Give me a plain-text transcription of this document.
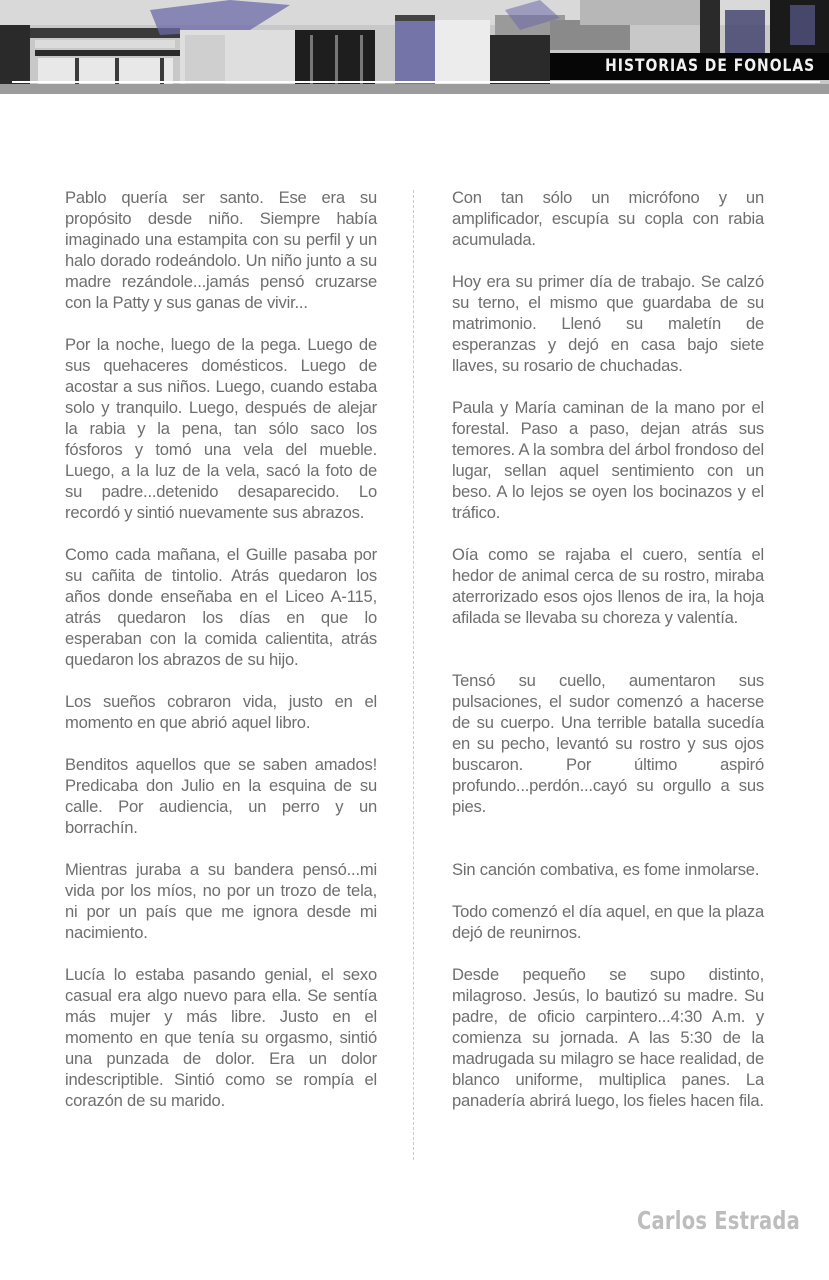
HISTORIAS DE FONOLAS

Pablo quería ser santo. Ese era su propósito desde niño. Siempre había imaginado una estampita con su perfil y un halo dorado rodeándolo. Un niño junto a su madre rezándole...jamás pensó cruzarse con la Patty y sus ganas de vivir...

Por la noche, luego de la pega. Luego de sus quehaceres domésticos. Luego de acostar a sus niños. Luego, cuando estaba solo y tranquilo. Luego, después de alejar la rabia y la pena, tan sólo saco los fósforos y tomó una vela del mueble. Luego, a la luz de la vela, sacó la foto de su padre...detenido desaparecido. Lo recordó y sintió nuevamente sus abrazos.

Como cada mañana, el Guille pasaba por su cañita de tintolio. Atrás quedaron los años donde enseñaba en el Liceo A-115, atrás quedaron los días en que lo esperaban con la comida calientita, atrás quedaron los abrazos de su hijo.

Los sueños cobraron vida, justo en el momento en que abrió aquel libro.

Benditos aquellos que se saben amados! Predicaba don Julio en la esquina de su calle. Por audiencia, un perro y un borrachín.

Mientras juraba a su bandera pensó...mi vida por los míos, no por un trozo de tela, ni por un país que me ignora desde mi nacimiento.

Lucía lo estaba pasando genial, el sexo casual era algo nuevo para ella. Se sentía más mujer y más libre. Justo en el momento en que tenía su orgasmo, sintió una punzada de dolor. Era un dolor indescriptible. Sintió como se rompía el corazón de su marido.

Con tan sólo un micrófono y un amplificador, escupía su copla con rabia acumulada.

Hoy era su primer día de trabajo. Se calzó su terno, el mismo que guardaba de su matrimonio. Llenó su maletín de esperanzas y dejó en casa bajo siete llaves, su rosario de chuchadas.

Paula y María caminan de la mano por el forestal. Paso a paso, dejan atrás sus temores. A la sombra del árbol frondoso del lugar, sellan aquel sentimiento con un beso. A lo lejos se oyen los bocinazos y el tráfico.

Oía como se rajaba el cuero, sentía el hedor de animal cerca de su rostro, miraba aterrorizado esos ojos llenos de ira, la hoja afilada se llevaba su choreza y valentía.

Tensó su cuello, aumentaron sus pulsaciones, el sudor comenzó a hacerse de su cuerpo. Una terrible batalla sucedía en su pecho, levantó su rostro y sus ojos buscaron. Por último aspiró profundo...perdón...cayó su orgullo a sus pies.

Sin canción combativa, es fome inmolarse.

Todo comenzó el día aquel, en que la plaza dejó de reunirnos.

Desde pequeño se supo distinto, milagroso. Jesús, lo bautizó su madre. Su padre, de oficio carpintero...4:30 A.m. y comienza su jornada. A las 5:30 de la madrugada su milagro se hace realidad, de blanco uniforme, multiplica panes. La panadería abrirá luego, los fieles hacen fila.

Carlos Estrada
